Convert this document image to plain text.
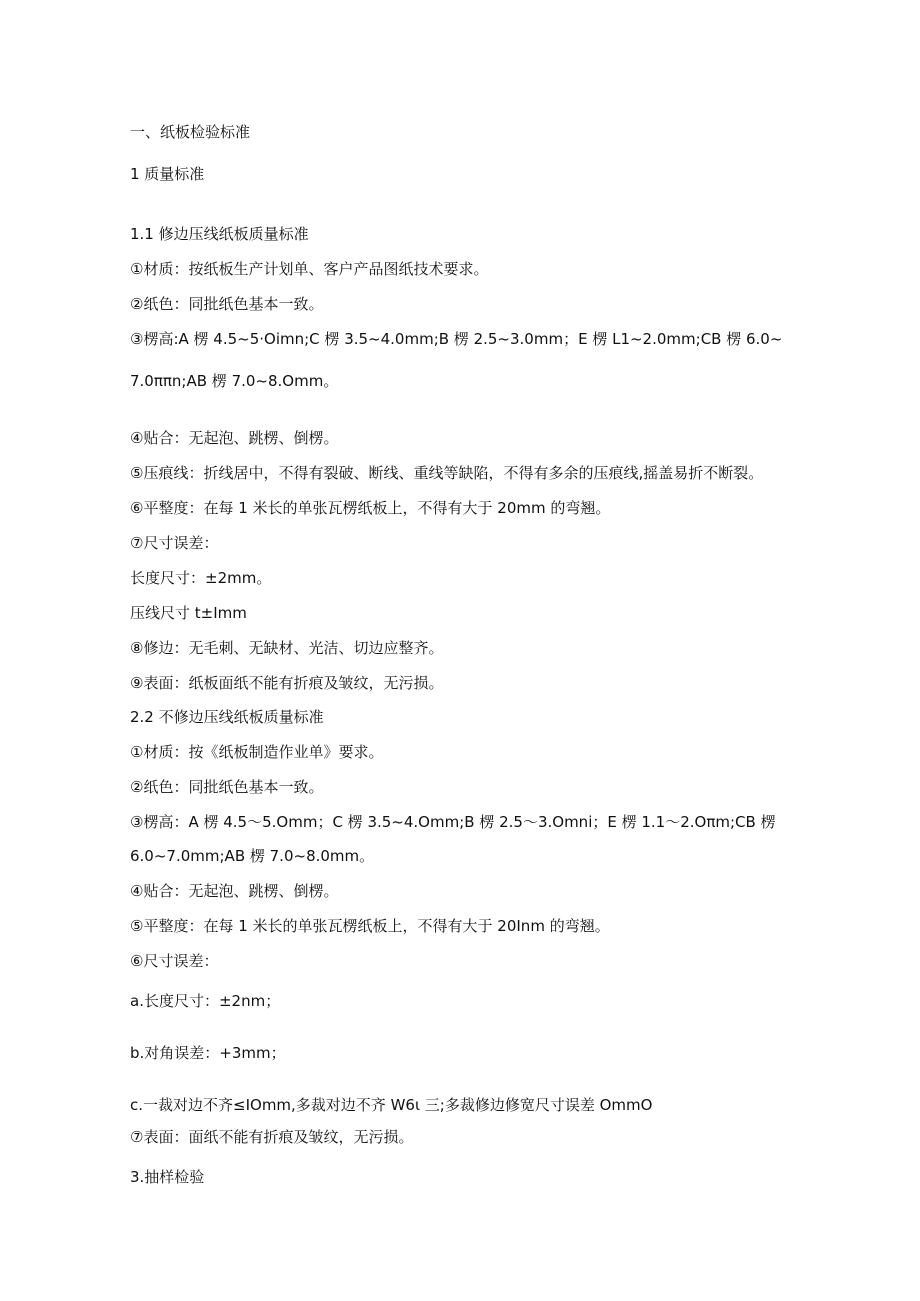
一、纸板检验标准
1 质量标准
1.1 修边压线纸板质量标准
①材质：按纸板生产计划单、客户产品图纸技术要求。
②纸色：同批纸色基本一致。
③楞高:A 楞 4.5~5·Oimn;C 楞 3.5~4.0mm;B 楞 2.5~3.0mm；E 楞 L1~2.0mm;CB 楞 6.0~
7.0ππn;AB 楞 7.0~8.Omm。
④贴合：无起泡、跳楞、倒楞。
⑤压痕线：折线居中，不得有裂破、断线、重线等缺陷，不得有多余的压痕线,摇盖易折不断裂。
⑥平整度：在每 1 米长的单张瓦楞纸板上，不得有大于 20mm 的弯翘。
⑦尺寸误差：
长度尺寸：±2mm。
压线尺寸 t±Imm
⑧修边：无毛刺、无缺材、光洁、切边应整齐。
⑨表面：纸板面纸不能有折痕及皱纹，无污损。
2.2 不修边压线纸板质量标准
①材质：按《纸板制造作业单》要求。
②纸色：同批纸色基本一致。
③楞高：A 楞 4.5～5.Omm；C 楞 3.5~4.Omm;B 楞 2.5～3.Omni；E 楞 1.1～2.Oπm;CB 楞
6.0~7.0mm;AB 楞 7.0~8.0mm。
④贴合：无起泡、跳楞、倒楞。
⑤平整度：在每 1 米长的单张瓦楞纸板上，不得有大于 20Inm 的弯翘。
⑥尺寸误差：
a.长度尺寸：±2nm；
b.对角误差：+3mm；
c.一裁对边不齐≤IOmm,多裁对边不齐 W6ι 三;多裁修边修宽尺寸误差 OmmO
⑦表面：面纸不能有折痕及皱纹，无污损。
3.抽样检验
